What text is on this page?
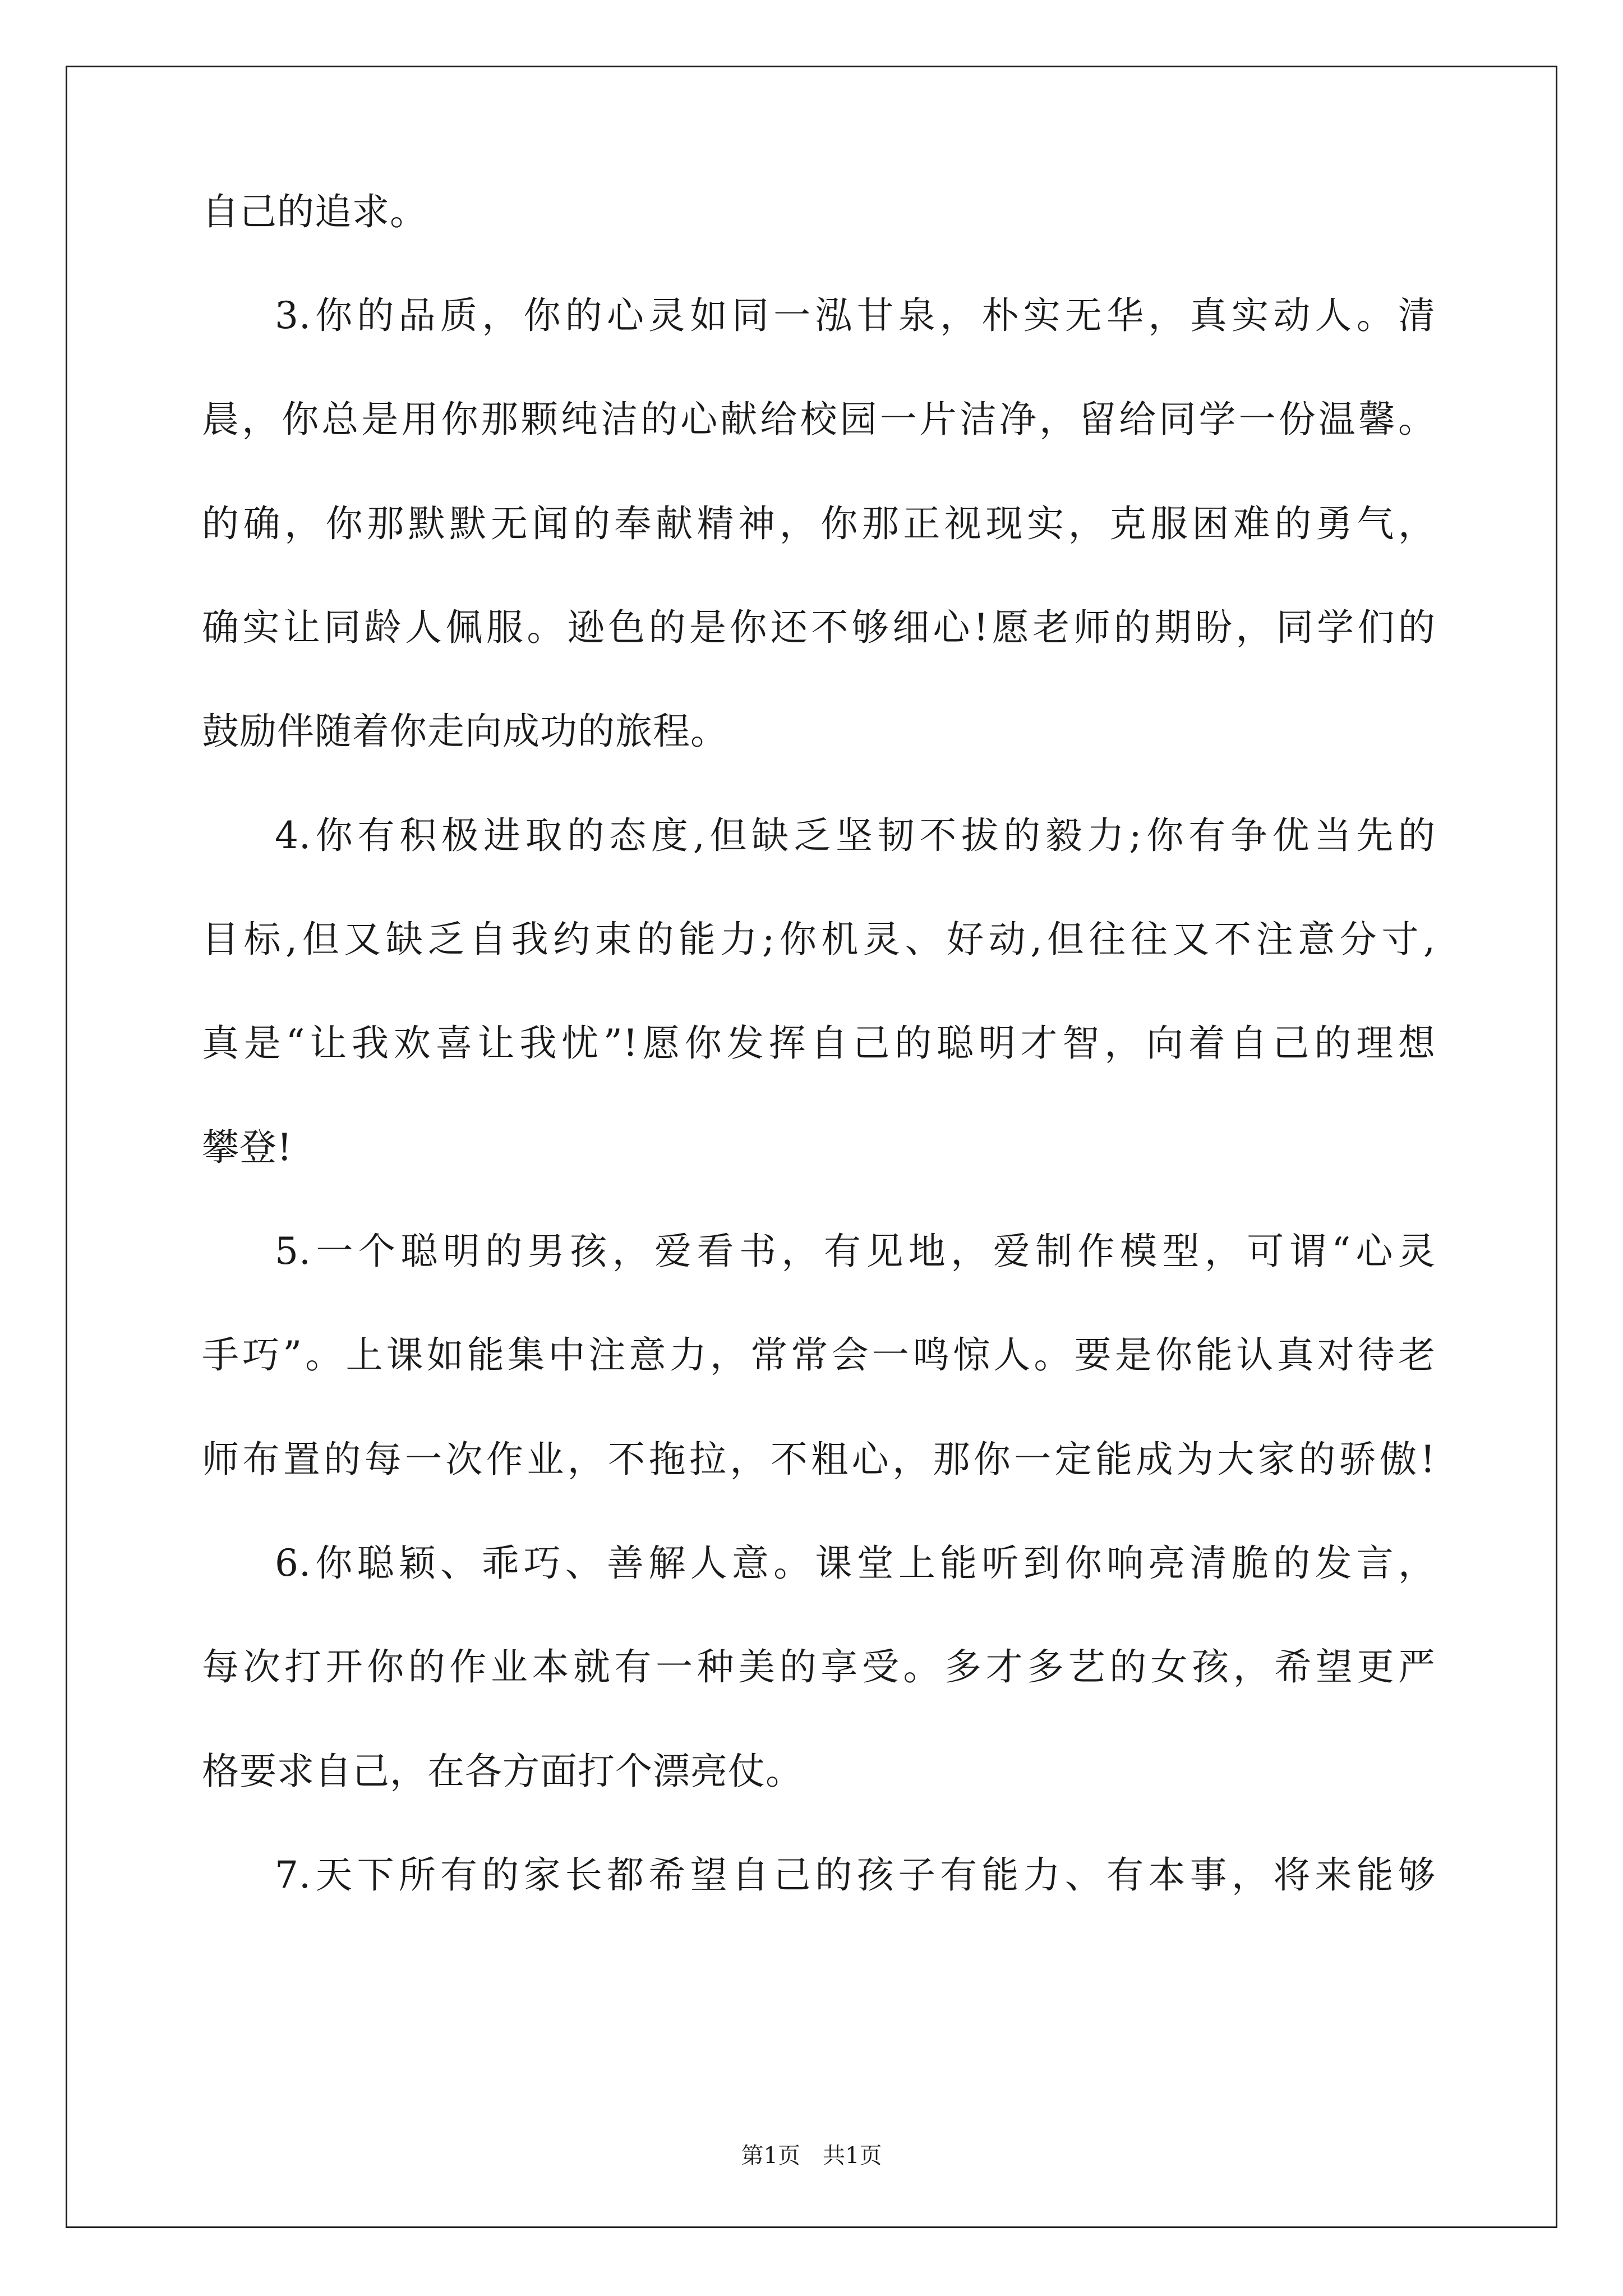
自己的追求。
3.你的品质，你的心灵如同一泓甘泉，朴实无华，真实动人。清
晨，你总是用你那颗纯洁的心献给校园一片洁净，留给同学一份温馨。
的确，你那默默无闻的奉献精神，你那正视现实，克服困难的勇气，
确实让同龄人佩服。逊色的是你还不够细心!愿老师的期盼，同学们的
鼓励伴随着你走向成功的旅程。
4.你有积极进取的态度,但缺乏坚韧不拔的毅力;你有争优当先的
目标,但又缺乏自我约束的能力;你机灵、好动,但往往又不注意分寸,
真是“让我欢喜让我忧”!愿你发挥自己的聪明才智，向着自己的理想
攀登!
5.一个聪明的男孩，爱看书，有见地，爱制作模型，可谓“心灵
手巧”。上课如能集中注意力，常常会一鸣惊人。要是你能认真对待老
师布置的每一次作业，不拖拉，不粗心，那你一定能成为大家的骄傲!
6.你聪颖、乖巧、善解人意。课堂上能听到你响亮清脆的发言，
每次打开你的作业本就有一种美的享受。多才多艺的女孩，希望更严
格要求自己，在各方面打个漂亮仗。
7.天下所有的家长都希望自己的孩子有能力、有本事，将来能够
第1页 共1页
